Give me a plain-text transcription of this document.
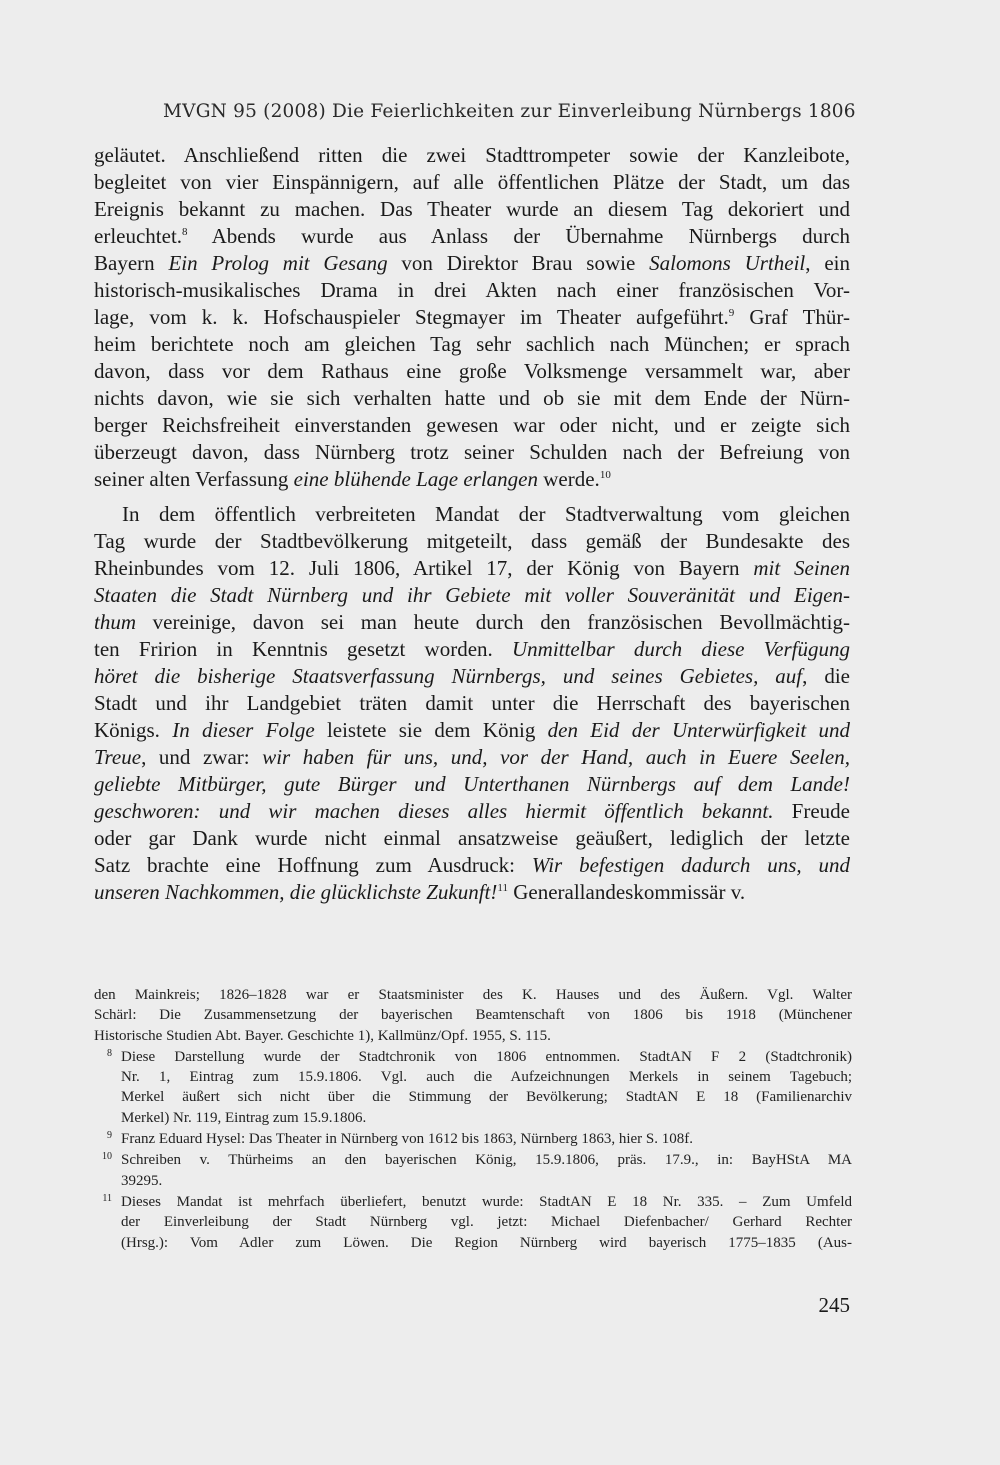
MVGN 95 (2008) Die Feierlichkeiten zur Einverleibung Nürnbergs 1806
geläutet. Anschließend ritten die zwei Stadttrompeter sowie der Kanzleibote,
begleitet von vier Einspännigern, auf alle öffentlichen Plätze der Stadt, um das
Ereignis bekannt zu machen. Das Theater wurde an diesem Tag dekoriert und
erleuchtet.$^8$ Abends wurde aus Anlass der Übernahme Nürnbergs durch
Bayern Ein Prolog mit Gesang von Direktor Brau sowie Salomons Urtheil, ein
historisch-musikalisches Drama in drei Akten nach einer französischen Vor-
lage, vom k. k. Hofschauspieler Stegmayer im Theater aufgeführt.$^9$ Graf Thür-
heim berichtete noch am gleichen Tag sehr sachlich nach München; er sprach
davon, dass vor dem Rathaus eine große Volksmenge versammelt war, aber
nichts davon, wie sie sich verhalten hatte und ob sie mit dem Ende der Nürn-
berger Reichsfreiheit einverstanden gewesen war oder nicht, und er zeigte sich
überzeugt davon, dass Nürnberg trotz seiner Schulden nach der Befreiung von
seiner alten Verfassung eine blühende Lage erlangen werde.$^{10}$
In dem öffentlich verbreiteten Mandat der Stadtverwaltung vom gleichen
Tag wurde der Stadtbevölkerung mitgeteilt, dass gemäß der Bundesakte des
Rheinbundes vom 12. Juli 1806, Artikel 17, der König von Bayern mit Seinen
Staaten die Stadt Nürnberg und ihr Gebiete mit voller Souveränität und Eigen-
thum vereinige, davon sei man heute durch den französischen Bevollmächtig-
ten Fririon in Kenntnis gesetzt worden. Unmittelbar durch diese Verfügung
höret die bisherige Staatsverfassung Nürnbergs, und seines Gebietes, auf, die
Stadt und ihr Landgebiet träten damit unter die Herrschaft des bayerischen
Königs. In dieser Folge leistete sie dem König den Eid der Unterwürfigkeit und
Treue, und zwar: wir haben für uns, und, vor der Hand, auch in Euere Seelen,
geliebte Mitbürger, gute Bürger und Unterthanen Nürnbergs auf dem Lande!
geschworen: und wir machen dieses alles hiermit öffentlich bekannt. Freude
oder gar Dank wurde nicht einmal ansatzweise geäußert, lediglich der letzte
Satz brachte eine Hoffnung zum Ausdruck: Wir befestigen dadurch uns, und
unseren Nachkommen, die glücklichste Zukunft!$^{11}$ Generallandeskommissär v.
den Mainkreis; 1826–1828 war er Staatsminister des K. Hauses und des Äußern. Vgl. Walter
Schärl: Die Zusammensetzung der bayerischen Beamtenschaft von 1806 bis 1918 (Münchener
Historische Studien Abt. Bayer. Geschichte 1), Kallmünz/Opf. 1955, S. 115.
8 Diese Darstellung wurde der Stadtchronik von 1806 entnommen. StadtAN F 2 (Stadtchronik)
Nr. 1, Eintrag zum 15.9.1806. Vgl. auch die Aufzeichnungen Merkels in seinem Tagebuch;
Merkel äußert sich nicht über die Stimmung der Bevölkerung; StadtAN E 18 (Familienarchiv
Merkel) Nr. 119, Eintrag zum 15.9.1806.
9 Franz Eduard Hysel: Das Theater in Nürnberg von 1612 bis 1863, Nürnberg 1863, hier S. 108f.
10 Schreiben v. Thürheims an den bayerischen König, 15.9.1806, präs. 17.9., in: BayHStA MA
39295.
11 Dieses Mandat ist mehrfach überliefert, benutzt wurde: StadtAN E 18 Nr. 335. – Zum Umfeld
der Einverleibung der Stadt Nürnberg vgl. jetzt: Michael Diefenbacher/ Gerhard Rechter
(Hrsg.): Vom Adler zum Löwen. Die Region Nürnberg wird bayerisch 1775–1835 (Aus-
245
